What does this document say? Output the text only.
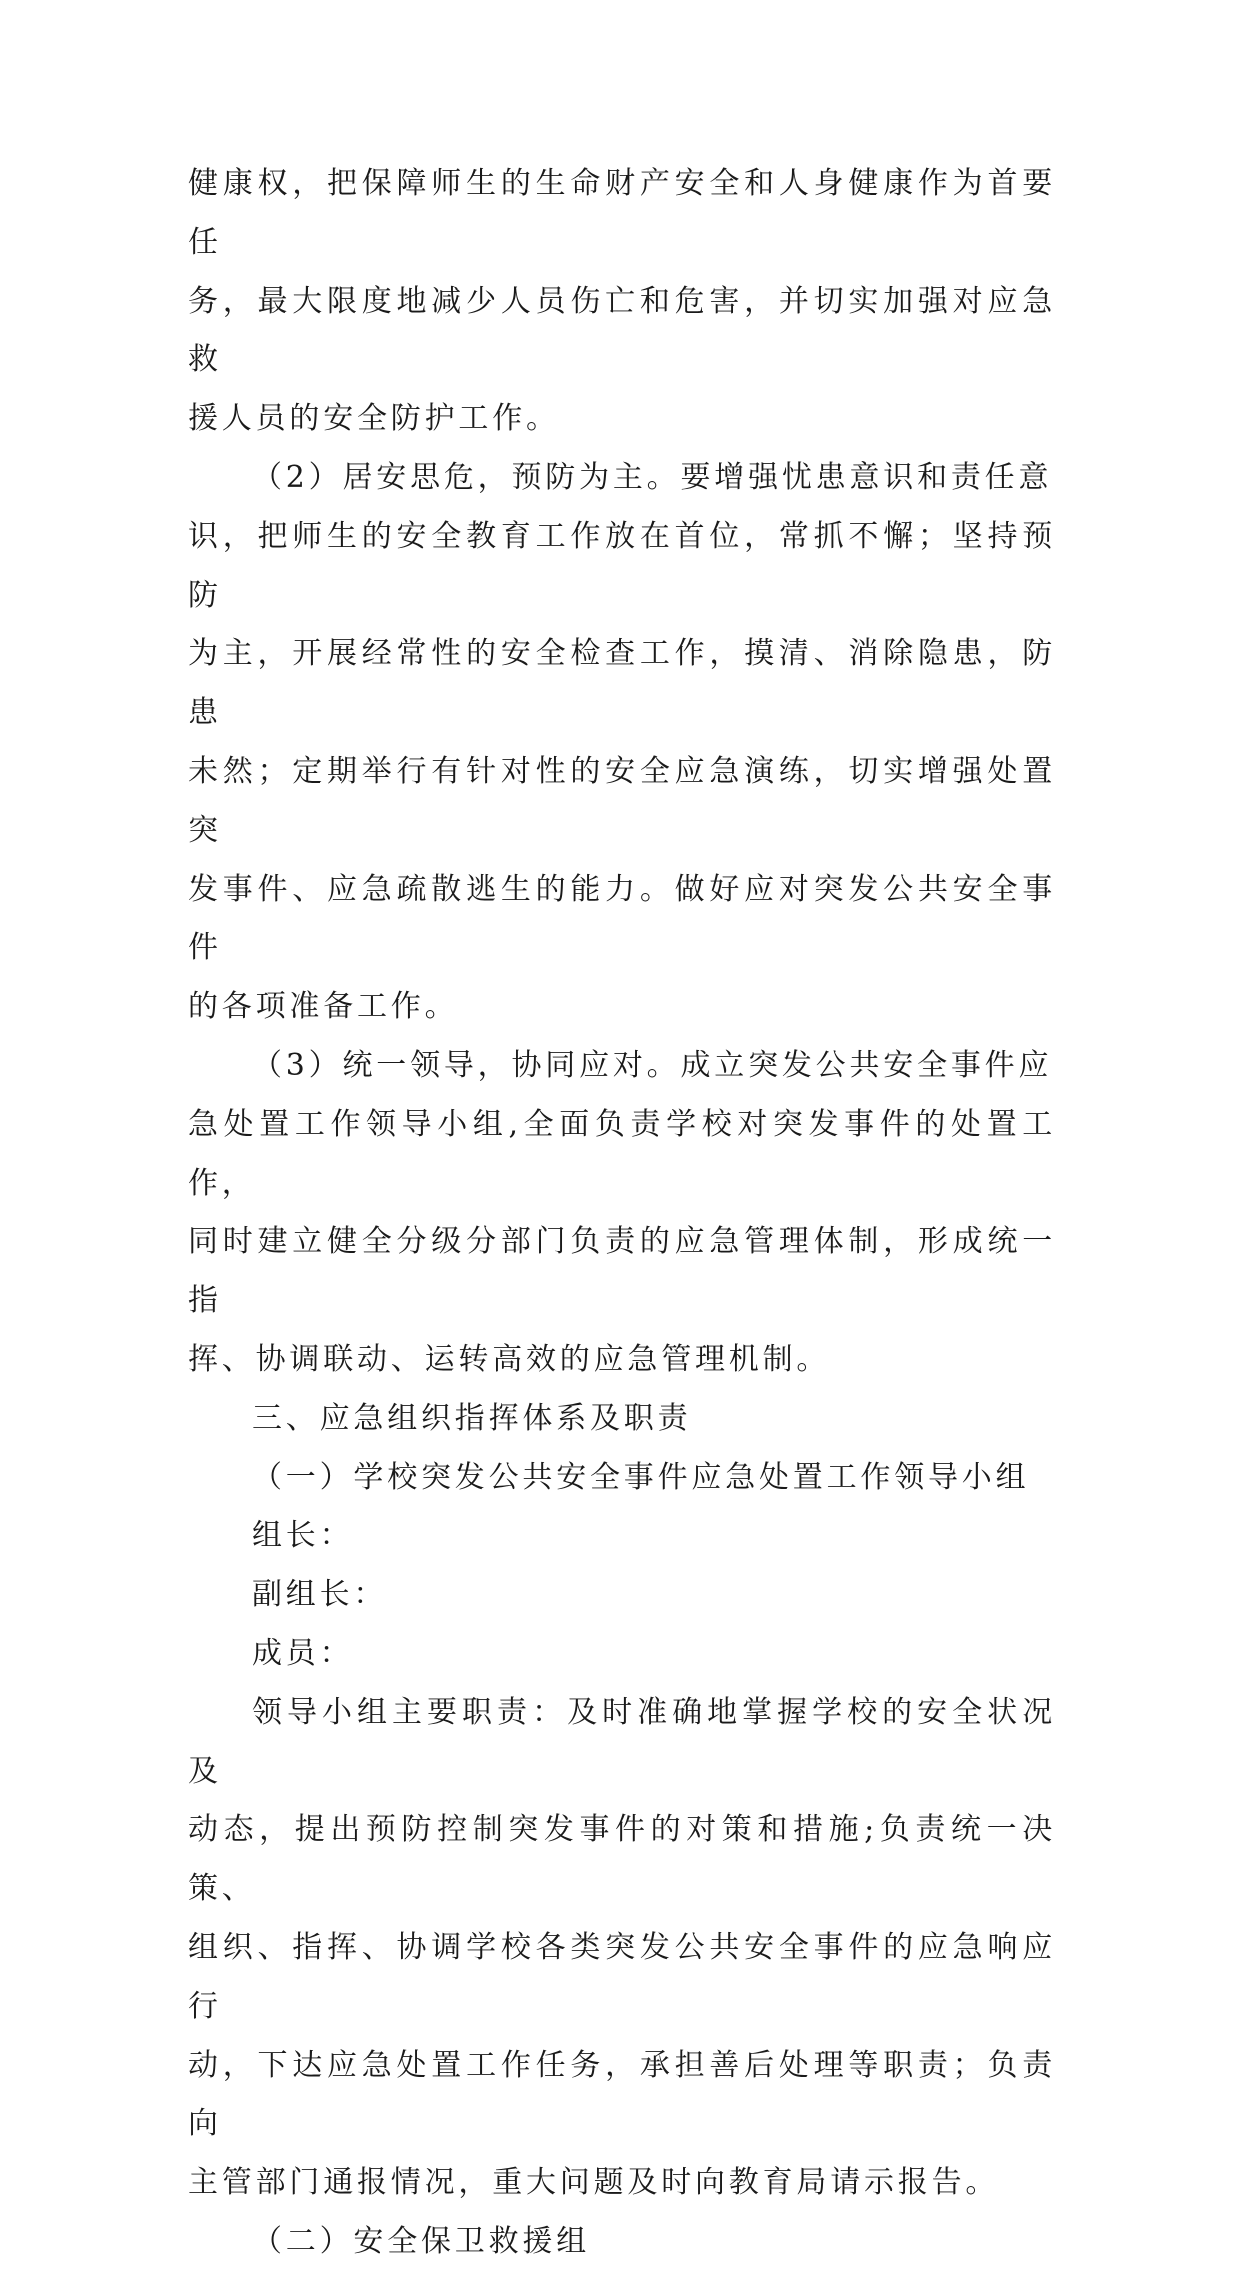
健康权，把保障师生的生命财产安全和人身健康作为首要任
务，最大限度地减少人员伤亡和危害，并切实加强对应急救
援人员的安全防护工作。

（2）居安思危，预防为主。要增强忧患意识和责任意
识，把师生的安全教育工作放在首位，常抓不懈；坚持预防
为主，开展经常性的安全检查工作，摸清、消除隐患，防患
未然；定期举行有针对性的安全应急演练，切实增强处置突
发事件、应急疏散逃生的能力。做好应对突发公共安全事件
的各项准备工作。

（3）统一领导，协同应对。成立突发公共安全事件应
急处置工作领导小组,全面负责学校对突发事件的处置工作，
同时建立健全分级分部门负责的应急管理体制，形成统一指
挥、协调联动、运转高效的应急管理机制。

三、应急组织指挥体系及职责

（一）学校突发公共安全事件应急处置工作领导小组

组长：

副组长：

成员：

领导小组主要职责：及时准确地掌握学校的安全状况及
动态，提出预防控制突发事件的对策和措施;负责统一决策、
组织、指挥、协调学校各类突发公共安全事件的应急响应行
动，下达应急处置工作任务，承担善后处理等职责；负责向
主管部门通报情况，重大问题及时向教育局请示报告。

（二）安全保卫救援组
